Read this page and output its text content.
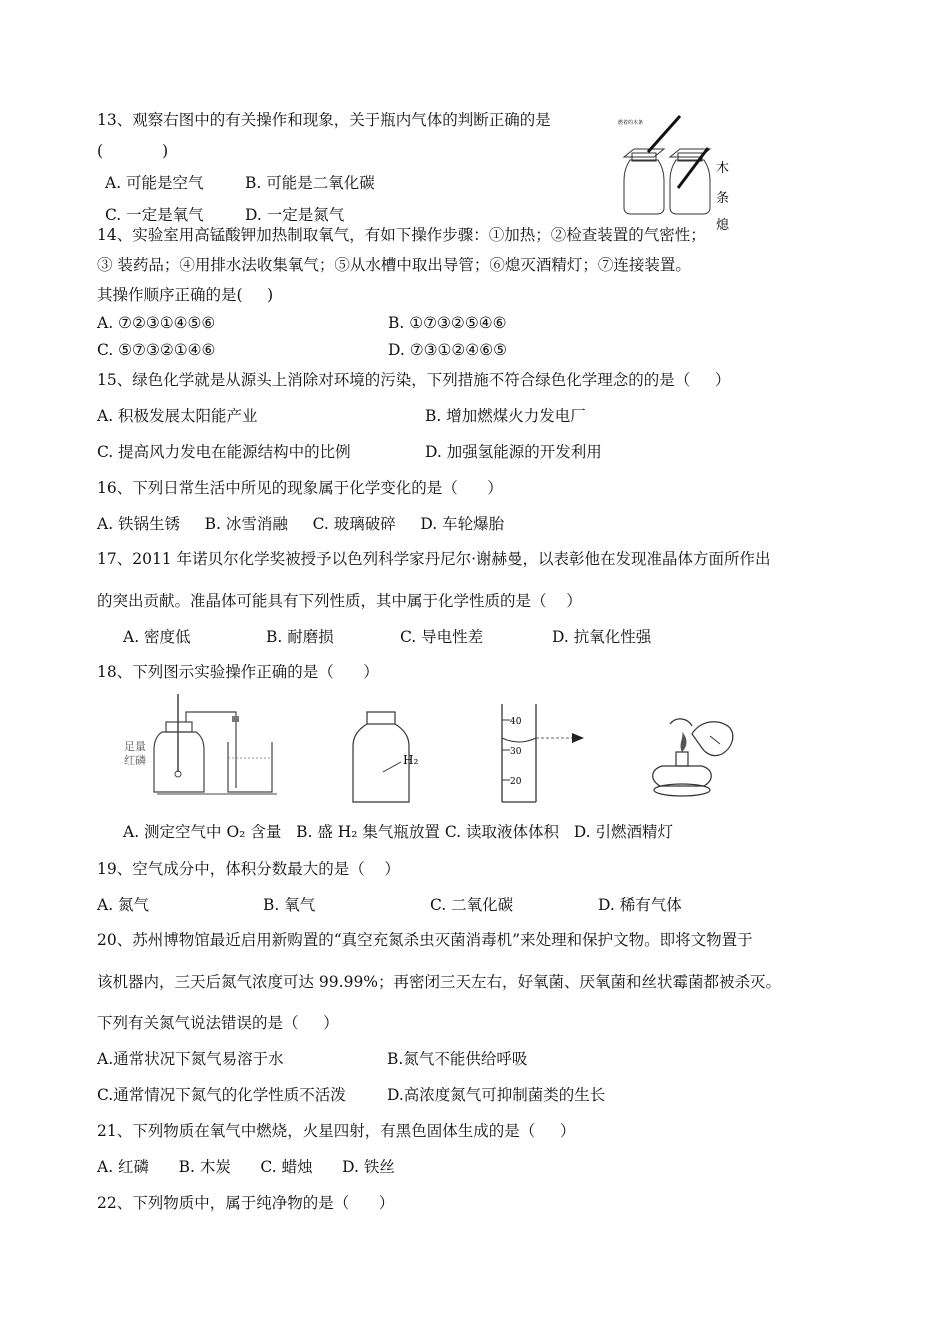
13、观察右图中的有关操作和现象，关于瓶内气体的判断正确的是
(            )
A. 可能是空气	B. 可能是二氧化碳
C. 一定是氧气	D. 一定是氮气
燃着的木条
木
条
熄
14、实验室用高锰酸钾加热制取氧气，有如下操作步骤：①加热；②检查装置的气密性；
③ 装药品；④用排水法收集氧气；⑤从水槽中取出导管；⑥熄灭酒精灯；⑦连接装置。
其操作顺序正确的是(     )
A. ⑦②③①④⑤⑥	B. ①⑦③②⑤④⑥
C. ⑤⑦③②①④⑥	D. ⑦③①②④⑥⑤
15、绿色化学就是从源头上消除对环境的污染，下列措施不符合绿色化学理念的的是（     ）
A. 积极发展太阳能产业	B. 增加燃煤火力发电厂
C. 提高风力发电在能源结构中的比例	D. 加强氢能源的开发利用
16、下列日常生活中所见的现象属于化学变化的是（      ）
A. 铁锅生锈     B. 冰雪消融     C. 玻璃破碎     D. 车轮爆胎
17、2011 年诺贝尔化学奖被授予以色列科学家丹尼尔·谢赫曼，以表彰他在发现准晶体方面所作出
的突出贡献。准晶体可能具有下列性质，其中属于化学性质的是（    ）
A. 密度低	B. 耐磨损	C. 导电性差	D. 抗氧化性强
18、下列图示实验操作正确的是（      ）
足量
红磷	H₂
40
30
20
A. 测定空气中 O₂ 含量   B. 盛 H₂ 集气瓶放置 C. 读取液体体积   D. 引燃酒精灯
19、空气成分中，体积分数最大的是（    ）
A. 氮气	B. 氧气	C. 二氧化碳	D. 稀有气体
20、苏州博物馆最近启用新购置的“真空充氮杀虫灭菌消毒机”来处理和保护文物。即将文物置于
该机器内，三天后氮气浓度可达 99.99%；再密闭三天左右，好氧菌、厌氧菌和丝状霉菌都被杀灭。
下列有关氮气说法错误的是（     ）
A.通常状况下氮气易溶于水	B.氮气不能供给呼吸
C.通常情况下氮气的化学性质不活泼	D.高浓度氮气可抑制菌类的生长
21、下列物质在氧气中燃烧，火星四射，有黑色固体生成的是（     ）
A. 红磷      B. 木炭      C. 蜡烛      D. 铁丝
22、下列物质中，属于纯净物的是（      ）
